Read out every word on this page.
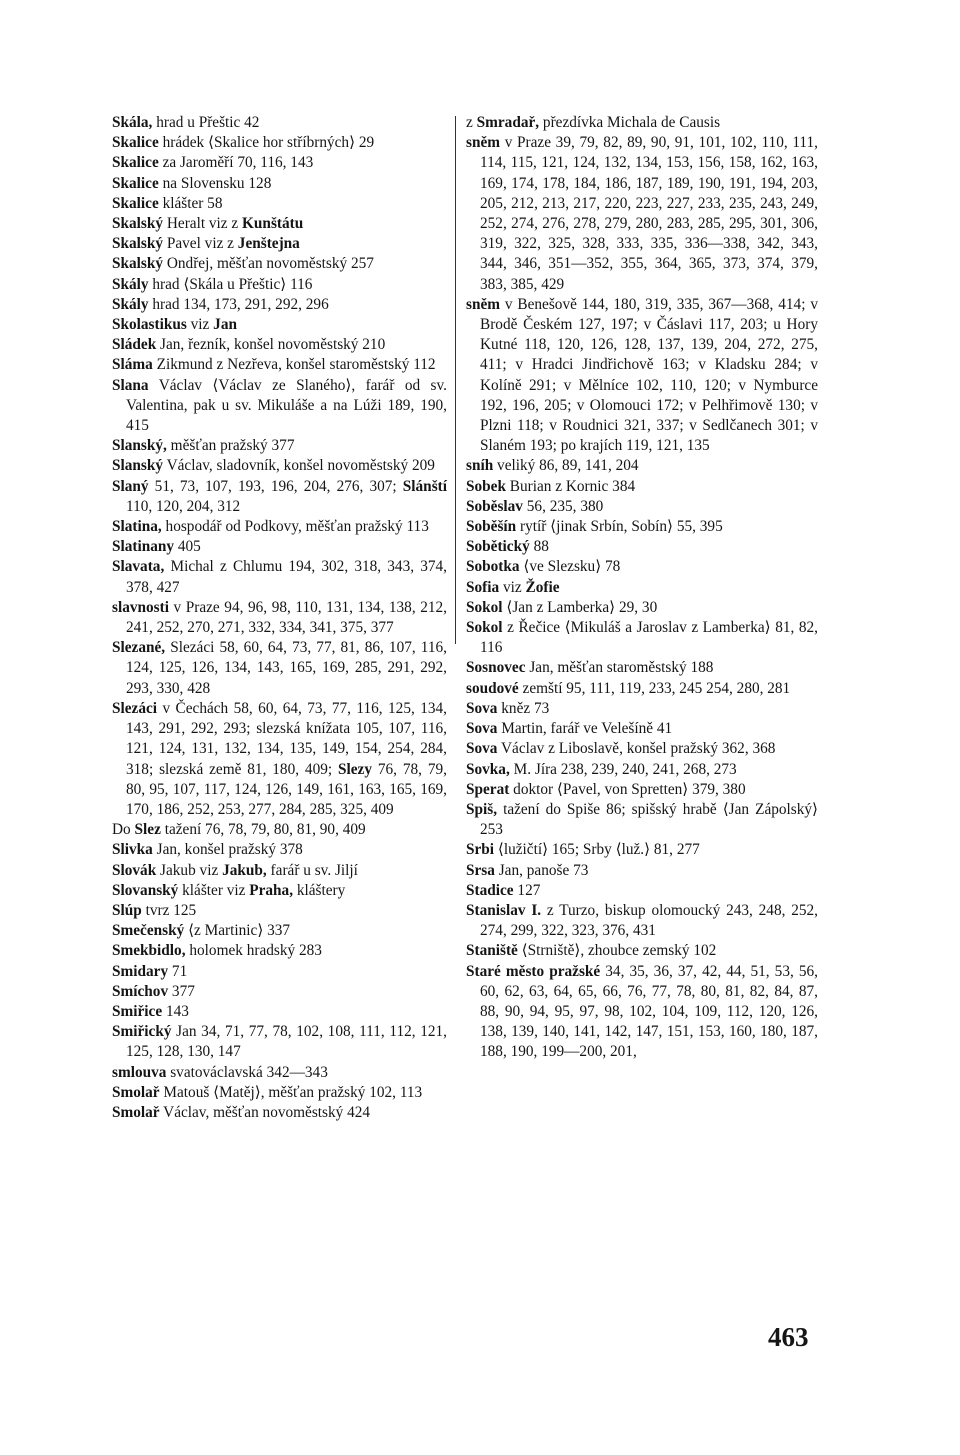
Skála, hrad u Přeštic 42
Skalice hrádek ⟨Skalice hor stříbrných⟩ 29
Skalice za Jaroměří 70, 116, 143
Skalice na Slovensku 128
Skalice klášter 58
Skalský Heralt viz z Kunštátu
Skalský Pavel viz z Jenštejna
Skalský Ondřej, měšťan novoměstský 257
Skály hrad ⟨Skála u Přeštic⟩ 116
Skály hrad 134, 173, 291, 292, 296
Skolastikus viz Jan
Sládek Jan, řezník, konšel novoměstský 210
Sláma Zikmund z Nezřeva, konšel staroměstský 112
Slana Václav ⟨Václav ze Slaného⟩, farář od sv. Valentina, pak u sv. Mikuláše a na Lúži 189, 190, 415
Slanský, měšťan pražský 377
Slanský Václav, sladovník, konšel novoměstský 209
Slaný 51, 73, 107, 193, 196, 204, 276, 307; Slánští 110, 120, 204, 312
Slatina, hospodář od Podkovy, měšťan pražský 113
Slatinany 405
Slavata, Michal z Chlumu 194, 302, 318, 343, 374, 378, 427
slavnosti v Praze 94, 96, 98, 110, 131, 134, 138, 212, 241, 252, 270, 271, 332, 334, 341, 375, 377
Slezané, Slezáci 58, 60, 64, 73, 77, 81, 86, 107, 116, 124, 125, 126, 134, 143, 165, 169, 285, 291, 292, 293, 330, 428
Slezáci v Čechách 58, 60, 64, 73, 77, 116, 125, 134, 143, 291, 292, 293; slezská knížata 105, 107, 116, 121, 124, 131, 132, 134, 135, 149, 154, 254, 284, 318; slezská země 81, 180, 409; Slezy 76, 78, 79, 80, 95, 107, 117, 124, 126, 149, 161, 163, 165, 169, 170, 186, 252, 253, 277, 284, 285, 325, 409
Do Slez tažení 76, 78, 79, 80, 81, 90, 409
Slivka Jan, konšel pražský 378
Slovák Jakub viz Jakub, farář u sv. Jiljí
Slovanský klášter viz Praha, klášterу
Slúp tvrz 125
Smečenský ⟨z Martinic⟩ 337
Smekbidlo, holomek hradský 283
Smidary 71
Smíchov 377
Smiřice 143
Smiřický Jan 34, 71, 77, 78, 102, 108, 111, 112, 121, 125, 128, 130, 147
smlouva svatováclavská 342—343
Smolař Matouš ⟨Matěj⟩, měšťan pražský 102, 113
Smolař Václav, měšťan novoměstský 424
z Smradař, přezdívka Michala de Causis
sněm v Praze 39, 79, 82, 89, 90, 91, 101, 102, 110, 111, 114, 115, 121, 124, 132, 134, 153, 156, 158, 162, 163, 169, 174, 178, 184, 186, 187, 189, 190, 191, 194, 203, 205, 212, 213, 217, 220, 223, 227, 233, 235, 243, 249, 252, 274, 276, 278, 279, 280, 283, 285, 295, 301, 306, 319, 322, 325, 328, 333, 335, 336—338, 342, 343, 344, 346, 351—352, 355, 364, 365, 373, 374, 379, 383, 385, 429
sněm v Benešově 144, 180, 319, 335, 367—368, 414; v Brodě Českém 127, 197; v Čáslavi 117, 203; u Hory Kutné 118, 120, 126, 128, 137, 139, 204, 272, 275, 411; v Hradci Jindřichově 163; v Kladsku 284; v Kolíně 291; v Mělníce 102, 110, 120; v Nymburce 192, 196, 205; v Olomouci 172; v Pelhřimově 130; v Plzni 118; v Roudnici 321, 337; v Sedlčanech 301; v Slaném 193; po krajích 119, 121, 135
sníh veliký 86, 89, 141, 204
Sobek Burian z Kornic 384
Soběslav 56, 235, 380
Soběšín rytíř ⟨jinak Srbín, Sobín⟩ 55, 395
Sobětický 88
Sobotka ⟨ve Slezsku⟩ 78
Sofia viz Žofie
Sokol ⟨Jan z Lamberka⟩ 29, 30
Sokol z Řečice ⟨Mikuláš a Jaroslav z Lamberka⟩ 81, 82, 116
Sosnovec Jan, měšťan staroměstský 188
soudové zemští 95, 111, 119, 233, 245 254, 280, 281
Sova kněz 73
Sova Martin, farář ve Velešíně 41
Sova Václav z Liboslavě, konšel pražský 362, 368
Sovka, M. Jíra 238, 239, 240, 241, 268, 273
Sperat doktor ⟨Pavel, von Spretten⟩ 379, 380
Spiš, tažení do Spiše 86; spišský hrabě ⟨Jan Zápolský⟩ 253
Srbi ⟨lužičtí⟩ 165; Srby ⟨luž.⟩ 81, 277
Srsa Jan, panoše 73
Stadice 127
Stanislav I. z Turzo, biskup olomoucký 243, 248, 252, 274, 299, 322, 323, 376, 431
Staniště ⟨Strniště⟩, zhoubce zemský 102
Staré město pražské 34, 35, 36, 37, 42, 44, 51, 53, 56, 60, 62, 63, 64, 65, 66, 76, 77, 78, 80, 81, 82, 84, 87, 88, 90, 94, 95, 97, 98, 102, 104, 109, 112, 120, 126, 138, 139, 140, 141, 142, 147, 151, 153, 160, 180, 187, 188, 190, 199—200, 201,
463
